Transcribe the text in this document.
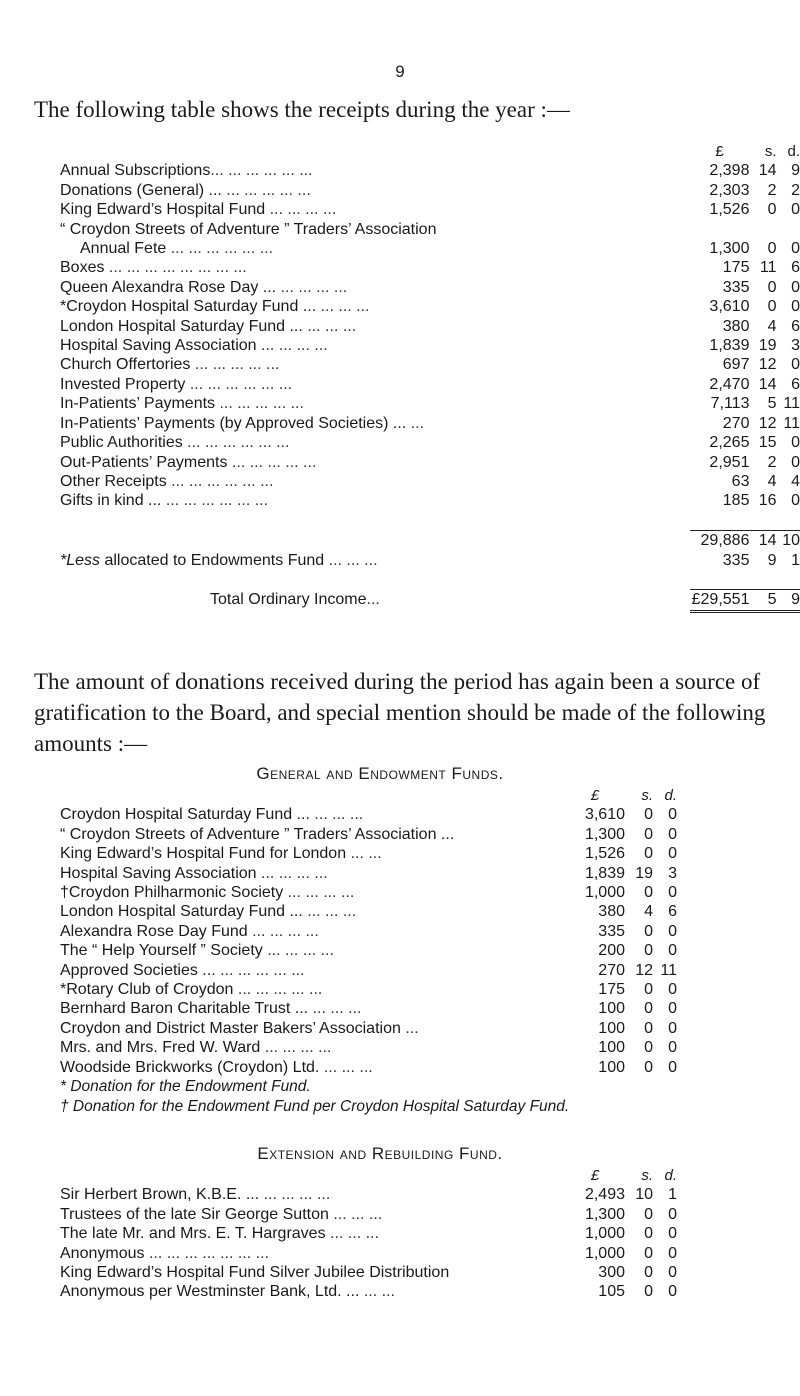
9
The following table shows the receipts during the year :—
	£	s.	d.
Annual Subscriptions... ... ... ... ... ...	2,398	14	9
Donations (General) ... ... ... ... ... ...	2,303	2	2
King Edward’s Hospital Fund ... ... ... ...	1,526	0	0
“ Croydon Streets of Adventure ” Traders’ Association			
Annual Fete ... ... ... ... ... ...	1,300	0	0
Boxes ... ... ... ... ... ... ... ...	175	11	6
Queen Alexandra Rose Day ... ... ... ... ...	335	0	0
*Croydon Hospital Saturday Fund ... ... ... ...	3,610	0	0
London Hospital Saturday Fund ... ... ... ...	380	4	6
Hospital Saving Association ... ... ... ...	1,839	19	3
Church Offertories ... ... ... ... ...	697	12	0
Invested Property ... ... ... ... ... ...	2,470	14	6
In-Patients’ Payments ... ... ... ... ...	7,113	5	11
In-Patients’ Payments (by Approved Societies) ... ...	270	12	11
Public Authorities ... ... ... ... ... ...	2,265	15	0
Out-Patients’ Payments ... ... ... ... ...	2,951	2	0
Other Receipts ... ... ... ... ... ...	63	4	4
Gifts in kind ... ... ... ... ... ... ...	185	16	0

	29,886	14	10
*Less allocated to Endowments Fund ... ... ...	335	9	1

Total Ordinary Income...	£29,551	5	9
The amount of donations received during the period has again been a source of gratification to the Board, and special mention should be made of the following amounts :—
General and Endowment Funds.
	£	s.	d.
Croydon Hospital Saturday Fund ... ... ... ...	3,610	0	0
“ Croydon Streets of Adventure ” Traders’ Association ...	1,300	0	0
King Edward’s Hospital Fund for London ... ...	1,526	0	0
Hospital Saving Association ... ... ... ...	1,839	19	3
†Croydon Philharmonic Society ... ... ... ...	1,000	0	0
London Hospital Saturday Fund ... ... ... ...	380	4	6
Alexandra Rose Day Fund ... ... ... ...	335	0	0
The “ Help Yourself ” Society ... ... ... ...	200	0	0
Approved Societies ... ... ... ... ... ...	270	12	11
*Rotary Club of Croydon ... ... ... ... ...	175	0	0
Bernhard Baron Charitable Trust ... ... ... ...	100	0	0
Croydon and District Master Bakers’ Association ...	100	0	0
Mrs. and Mrs. Fred W. Ward ... ... ... ...	100	0	0
Woodside Brickworks (Croydon) Ltd. ... ... ...	100	0	0
* Donation for the Endowment Fund.			
† Donation for the Endowment Fund per Croydon Hospital Saturday Fund.			
Extension and Rebuilding Fund.
	£	s.	d.
Sir Herbert Brown, K.B.E. ... ... ... ... ...	2,493	10	1
Trustees of the late Sir George Sutton ... ... ...	1,300	0	0
The late Mr. and Mrs. E. T. Hargraves ... ... ...	1,000	0	0
Anonymous ... ... ... ... ... ... ...	1,000	0	0
King Edward’s Hospital Fund Silver Jubilee Distribution	300	0	0
Anonymous per Westminster Bank, Ltd. ... ... ...	105	0	0
